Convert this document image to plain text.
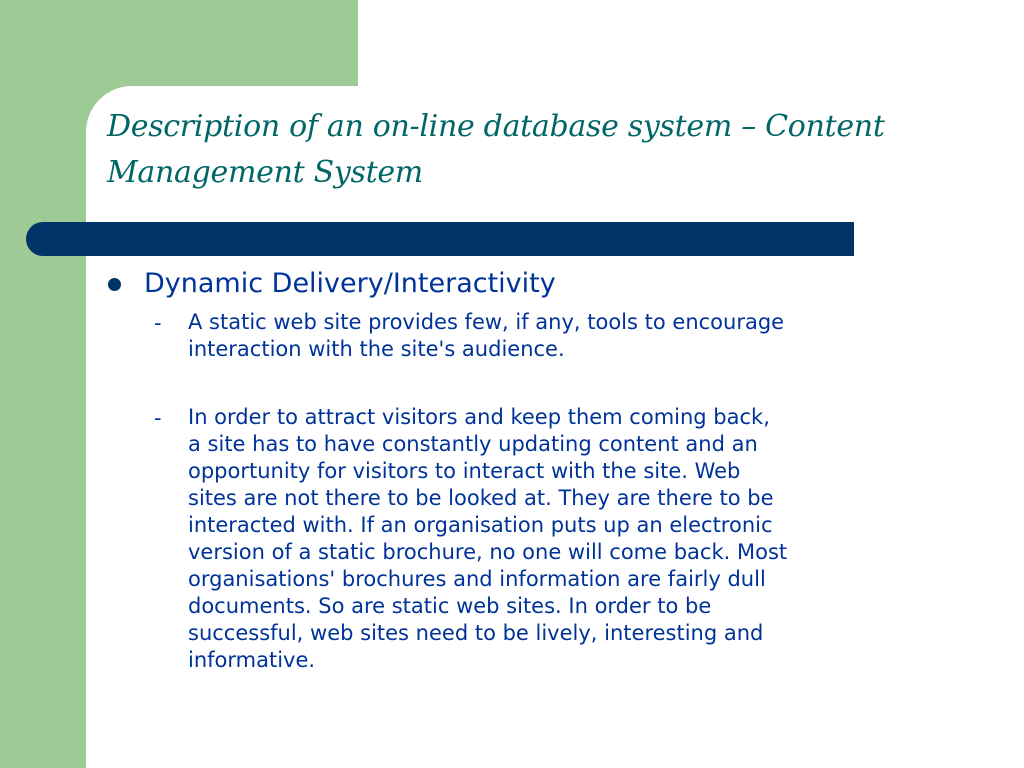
Description of an on-line database system – Content Management System

Dynamic Delivery/Interactivity

- A static web site provides few, if any, tools to encourage
interaction with the site's audience.

- In order to attract visitors and keep them coming back,
a site has to have constantly updating content and an
opportunity for visitors to interact with the site. Web
sites are not there to be looked at. They are there to be
interacted with. If an organisation puts up an electronic
version of a static brochure, no one will come back. Most
organisations' brochures and information are fairly dull
documents. So are static web sites. In order to be
successful, web sites need to be lively, interesting and
informative.
